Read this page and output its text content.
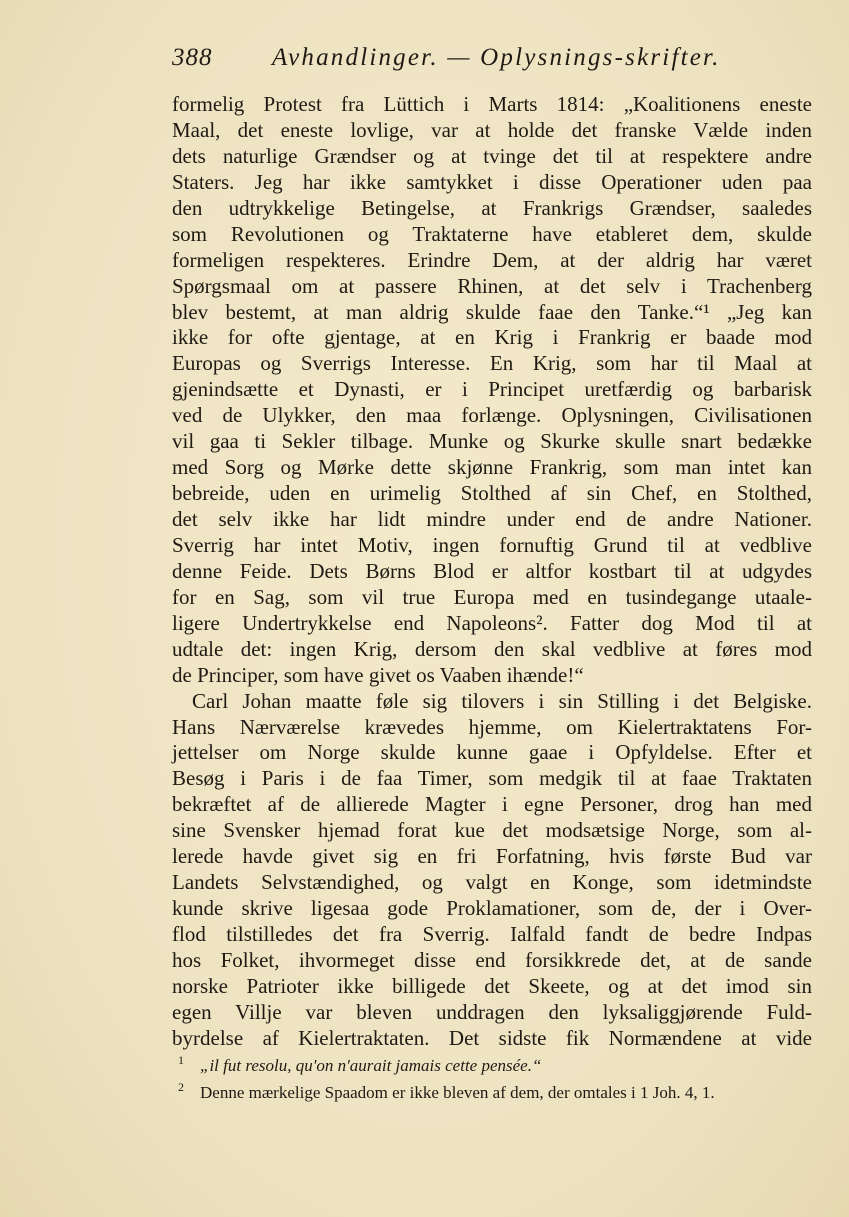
388 Avhandlinger. — Oplysnings-skrifter.
formelig Protest fra Lüttich i Marts 1814: „Koalitionens eneste
Maal, det eneste lovlige, var at holde det franske Vælde inden
dets naturlige Grændser og at tvinge det til at respektere andre
Staters. Jeg har ikke samtykket i disse Operationer uden paa
den udtrykkelige Betingelse, at Frankrigs Grændser, saaledes
som Revolutionen og Traktaterne have etableret dem, skulde
formeligen respekteres. Erindre Dem, at der aldrig har været
Spørgsmaal om at passere Rhinen, at det selv i Trachenberg
blev bestemt, at man aldrig skulde faae den Tanke.“¹ „Jeg kan
ikke for ofte gjentage, at en Krig i Frankrig er baade mod
Europas og Sverrigs Interesse. En Krig, som har til Maal at
gjenindsætte et Dynasti, er i Principet uretfærdig og barbarisk
ved de Ulykker, den maa forlænge. Oplysningen, Civilisationen
vil gaa ti Sekler tilbage. Munke og Skurke skulle snart bedække
med Sorg og Mørke dette skjønne Frankrig, som man intet kan
bebreide, uden en urimelig Stolthed af sin Chef, en Stolthed,
det selv ikke har lidt mindre under end de andre Nationer.
Sverrig har intet Motiv, ingen fornuftig Grund til at vedblive
denne Feide. Dets Børns Blod er altfor kostbart til at udgydes
for en Sag, som vil true Europa med en tusindegange utaale-
ligere Undertrykkelse end Napoleons². Fatter dog Mod til at
udtale det: ingen Krig, dersom den skal vedblive at føres mod
de Principer, som have givet os Vaaben ihænde!“
Carl Johan maatte føle sig tilovers i sin Stilling i det Belgiske.
Hans Nærværelse krævedes hjemme, om Kielertraktatens For-
jettelser om Norge skulde kunne gaae i Opfyldelse. Efter et
Besøg i Paris i de faa Timer, som medgik til at faae Traktaten
bekræftet af de allierede Magter i egne Personer, drog han med
sine Svensker hjemad forat kue det modsætsige Norge, som al-
lerede havde givet sig en fri Forfatning, hvis første Bud var
Landets Selvstændighed, og valgt en Konge, som idetmindste
kunde skrive ligesaa gode Proklamationer, som de, der i Over-
flod tilstilledes det fra Sverrig. Ialfald fandt de bedre Indpas
hos Folket, ihvormeget disse end forsikkrede det, at de sande
norske Patrioter ikke billigede det Skeete, og at det imod sin
egen Villje var bleven unddragen den lyksaliggjørende Fuld-
byrdelse af Kielertraktaten. Det sidste fik Normændene at vide
1 „il fut resolu, qu'on n'aurait jamais cette pensée.“
2 Denne mærkelige Spaadom er ikke bleven af dem, der omtales i 1 Joh. 4, 1.
